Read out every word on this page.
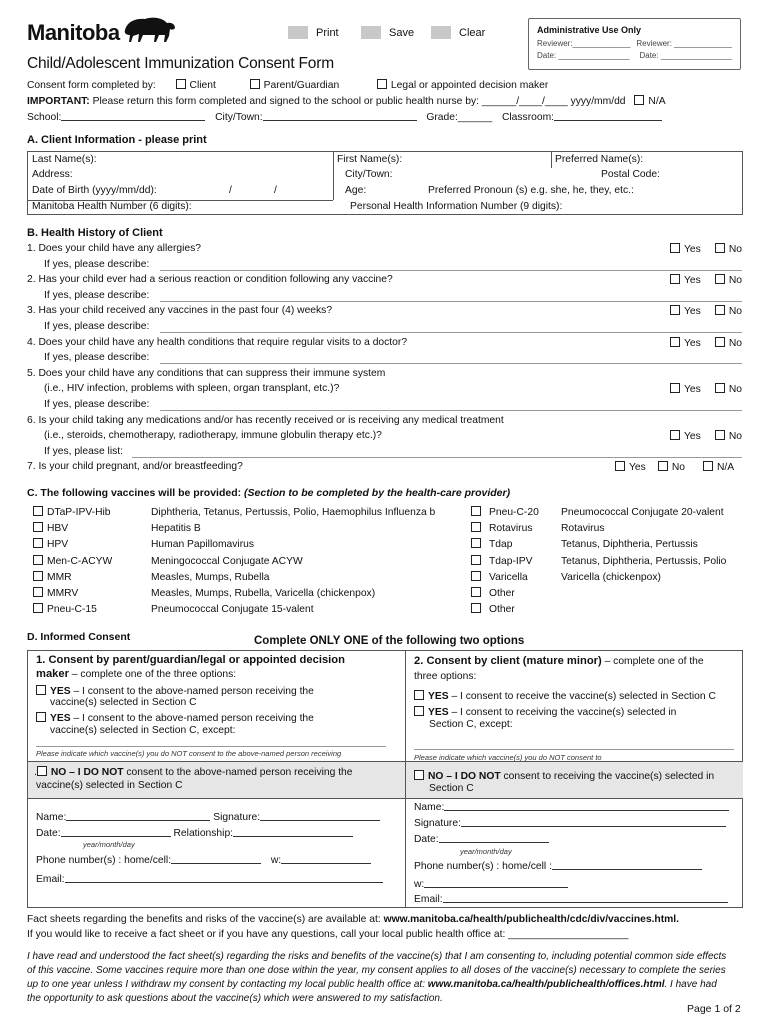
Manitoba	Print	Save	Clear	Administrative Use Only
Reviewer:_____________ Reviewer: _____________
Date: ________________ Date: ________________
Child/Adolescent Immunization Consent Form
Consent form completed by:	Client	Parent/Guardian	Legal or appointed decision maker
IMPORTANT: Please return this form completed and signed to the school or public health nurse by: ______/____/____ yyyy/mm/dd N/A
School:	City/Town:	Grade:______ Classroom:
A. Client Information - please print
Last Name(s):	First Name(s):	Preferred Name(s):
Address:	City/Town:	Postal Code:
Date of Birth (yyyy/mm/dd):	/	/	Age:	Preferred Pronoun (s) e.g. she, he, they, etc.:
Manitoba Health Number (6 digits):	Personal Health Information Number (9 digits):
B. Health History of Client
1. Does your child have any allergies?
If yes, please describe:
Yes	No
2. Has your child ever had a serious reaction or condition following any vaccine?
If yes, please describe:
Yes	No
3. Has your child received any vaccines in the past four (4) weeks?
If yes, please describe:
Yes	No
4. Does your child have any health conditions that require regular visits to a doctor?
If yes, please describe:
Yes	No
5. Does your child have any conditions that can suppress their immune system
(i.e., HIV infection, problems with spleen, organ transplant, etc.)?
If yes, please describe:
Yes	No
6. Is your child taking any medications and/or has recently received or is receiving any medical treatment
(i.e., steroids, chemotherapy, radiotherapy, immune globulin therapy etc.)?
If yes, please list:
Yes	No
7. Is your child pregnant, and/or breastfeeding?	Yes	No	N/A
C. The following vaccines will be provided: (Section to be completed by the health-care provider)
DTaP-IPV-Hib	Diphtheria, Tetanus, Pertussis, Polio, Haemophilus Influenza b
HBV	Hepatitis B
HPV	Human Papillomavirus
Men-C-ACYW	Meningococcal Conjugate ACYW
MMR	Measles, Mumps, Rubella
MMRV	Measles, Mumps, Rubella, Varicella (chickenpox)
Pneu-C-15	Pneumococcal Conjugate 15-valent
Pneu-C-20 Pneumococcal Conjugate 20-valent
Rotavirus	Rotavirus
Tdap	Tetanus, Diphtheria, Pertussis
Tdap-IPV	Tetanus, Diphtheria, Pertussis, Polio
Varicella	Varicella (chickenpox)
Other
Other
D. Informed Consent	Complete ONLY ONE of the following two options
1. Consent by parent/guardian/legal or appointed decision
maker – complete one of the three options:
YES – I consent to the above-named person receiving the
vaccine(s) selected in Section C
YES – I consent to the above-named person receiving the
vaccine(s) selected in Section C, except:
Please indicate which vaccine(s) you do NOT consent to the above-named person receiving
. NO – I DO NOT consent to the above-named person receiving the
vaccine(s) selected in Section C
Name:	Signature:
Date:	Relationship:
year/month/day
Phone number(s) : home/cell:	w:
Email:
2. Consent by client (mature minor) – complete one of the
three options:
YES – I consent to receive the vaccine(s) selected in Section C
YES – I consent to receiving the vaccine(s) selected in
Section C, except:
Please indicate which vaccine(s) you do NOT consent to
NO – I DO NOT consent to receiving the vaccine(s) selected in
Section C
Name:
Signature:
Date:
year/month/day
Phone number(s) : home/cell :
w:
Email:
Fact sheets regarding the benefits and risks of the vaccine(s) are available at: www.manitoba.ca/health/publichealth/cdc/div/vaccines.html.
If you would like to receive a fact sheet or if you have any questions, call your local public health office at: _____________________
I have read and understood the fact sheet(s) regarding the risks and benefits of the vaccine(s) that I am consenting to, including potential common side effects
of this vaccine. Some vaccines require more than one dose within the year, my consent applies to all doses of the vaccine(s) necessary to complete the series
up to one year unless I withdraw my consent by contacting my local public health office at: www.manitoba.ca/health/publichealth/offices.html. I have had
the opportunity to ask questions about the vaccine(s) which were answered to my satisfaction.
Page 1 of 2
